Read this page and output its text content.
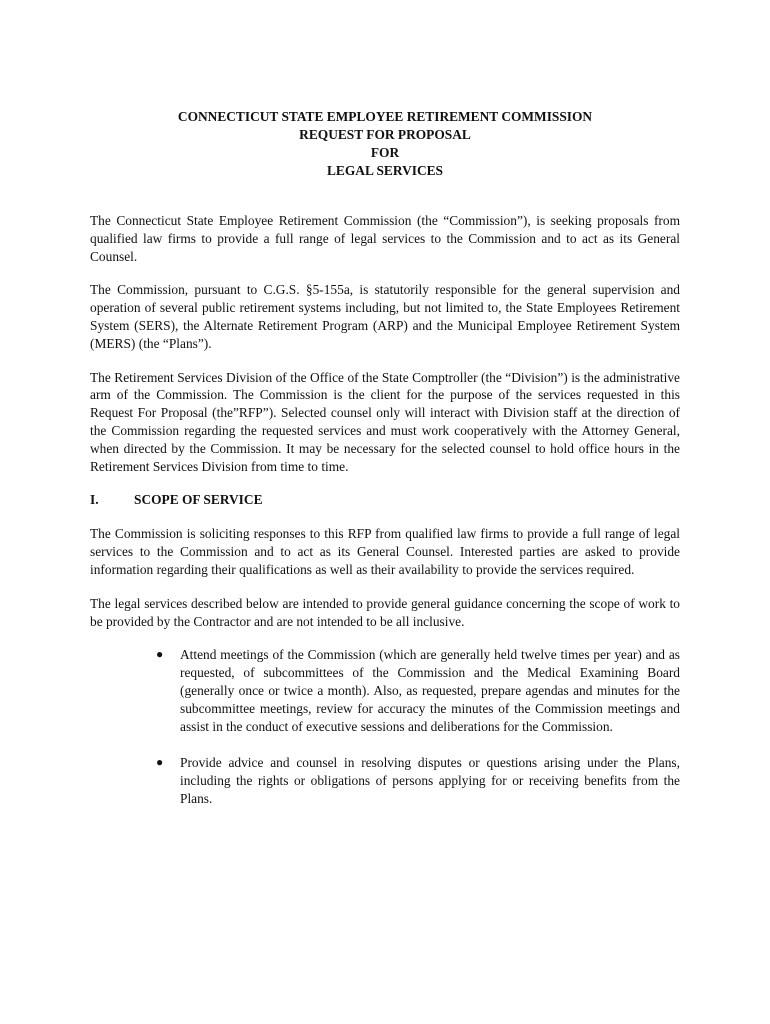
CONNECTICUT STATE EMPLOYEE RETIREMENT COMMISSION
REQUEST FOR PROPOSAL
FOR
LEGAL SERVICES

The Connecticut State Employee Retirement Commission (the “Commission”), is seeking proposals from qualified law firms to provide a full range of legal services to the Commission and to act as its General Counsel.

The Commission, pursuant to C.G.S. §5-155a, is statutorily responsible for the general supervision and operation of several public retirement systems including, but not limited to, the State Employees Retirement System (SERS), the Alternate Retirement Program (ARP) and the Municipal Employee Retirement System (MERS) (the “Plans”).

The Retirement Services Division of the Office of the State Comptroller (the “Division”) is the administrative arm of the Commission. The Commission is the client for the purpose of the services requested in this Request For Proposal (the”RFP”). Selected counsel only will interact with Division staff at the direction of the Commission regarding the requested services and must work cooperatively with the Attorney General, when directed by the Commission. It may be necessary for the selected counsel to hold office hours in the Retirement Services Division from time to time.

I.	SCOPE OF SERVICE

The Commission is soliciting responses to this RFP from qualified law firms to provide a full range of legal services to the Commission and to act as its General Counsel. Interested parties are asked to provide information regarding their qualifications as well as their availability to provide the services required.

The legal services described below are intended to provide general guidance concerning the scope of work to be provided by the Contractor and are not intended to be all inclusive.

●	Attend meetings of the Commission (which are generally held twelve times per year) and as requested, of subcommittees of the Commission and the Medical Examining Board (generally once or twice a month). Also, as requested, prepare agendas and minutes for the subcommittee meetings, review for accuracy the minutes of the Commission meetings and assist in the conduct of executive sessions and deliberations for the Commission.
●	Provide advice and counsel in resolving disputes or questions arising under the Plans, including the rights or obligations of persons applying for or receiving benefits from the Plans.
